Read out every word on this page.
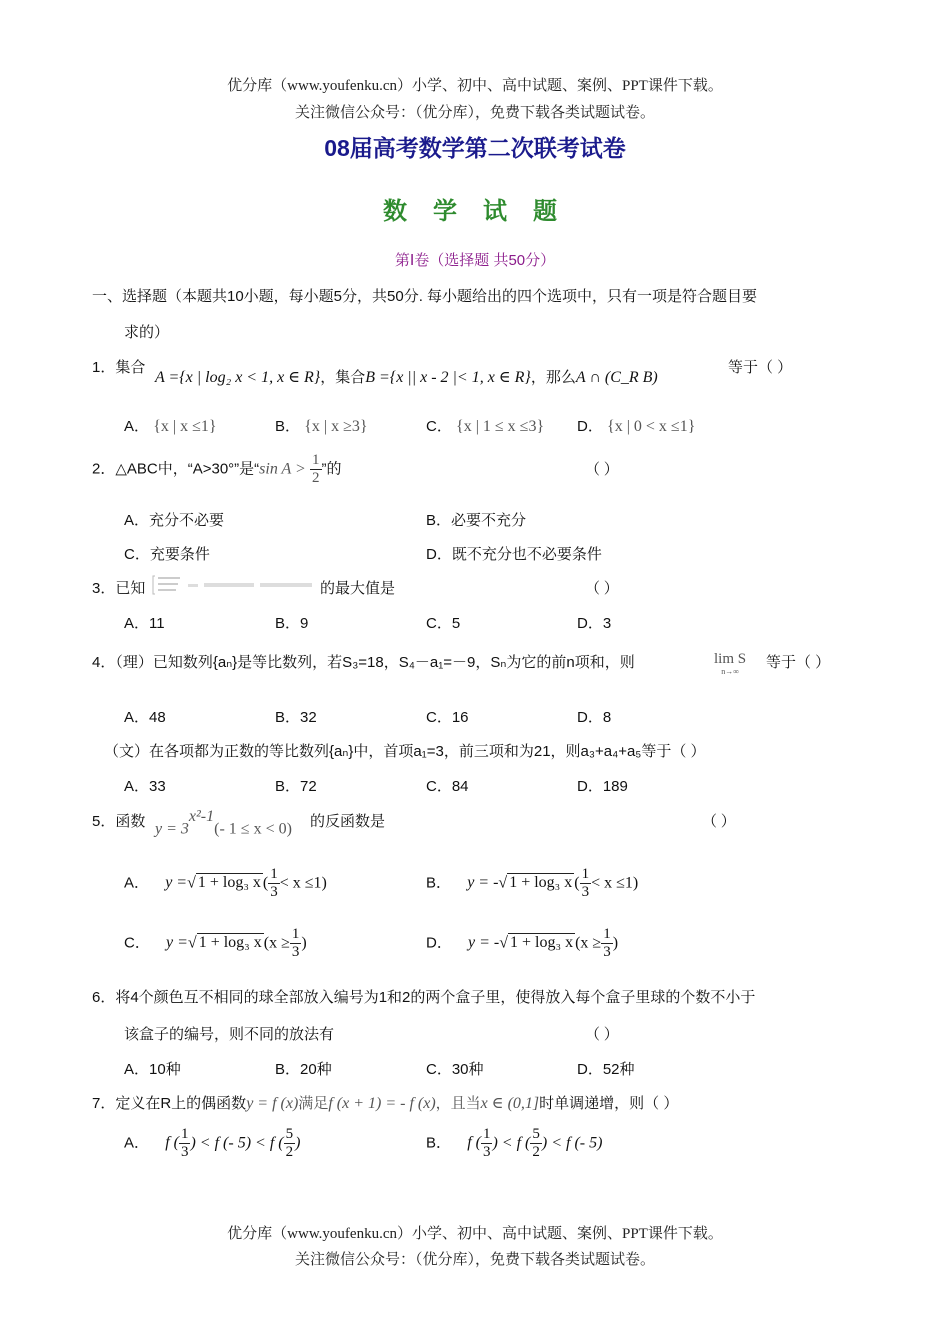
优分库（www.youfenku.cn）小学、初中、高中试题、案例、PPT课件下载。
关注微信公众号：（优分库），免费下载各类试题试卷。
08届高考数学第二次联考试卷
数 学 试 题
第Ⅰ卷（选择题 共50分）
一、选择题（本题共10小题，每小题5分，共50分. 每小题给出的四个选项中，只有一项是符合题目要
求的）
1．集合
A ={x | log₂ x < 1, x ∈ R}，集合B ={x || x - 2 |< 1, x ∈ R}，那么A ∩ (C_R B)
等于（ ）
A． {x | x ≤1}	B． {x | x ≥3}	C． {x | 1 ≤ x ≤3} D． {x | 0 < x ≤1}
2．△ABC中，“A>30°”是“sin $A > \frac{1}{2}$ ”的	（ ）
A．充分不必要	B．必要不充分
C．充要条件	D．既不充分也不必要条件
3．已知	的最大值是	（ ）
A．11	B．9	C．5	D．3
4．（理）已知数列{aₙ}是等比数列，若S₃=18，S₄－a₁=－9，Sₙ为它的前n项和，则	lim S
n→∞
等于（ ）
A．48	B．32	C．16	D．8
（文）在各项都为正数的等比数列{aₙ}中，首项a₁=3，前三项和为21，则a₃+a₄+a₅等于（ ）
A．33	B．72	C．84	D．189
5．函数 $y = 3^{x^2-1}(-$ 1 ≤ x < 0) 的反函数是	（ ）
A． y =√ 1 + log₃ x ( $\frac{1}{3} < x \le 1$)	B． y = -√ 1 + log₃ x ( $\frac{1}{3} < x \le 1$)
C． y =√ 1 + log₃ x ($x \ge \frac{1}{3}$ )	D． y = -√ 1 + log₃ x ($x \ge \frac{1}{3}$ )
6．将4个颜色互不相同的球全部放入编号为1和2的两个盒子里，使得放入每个盒子里球的个数不小于
该盒子的编号，则不同的放法有	（ ）
A．10种	B．20种	C．30种	D．52种
7．定义在R上的偶函数y = f (x)满足f (x + 1) = - f (x)，且当x ∈ (0,1]时单调递增，则（ ）
A． f ( $\frac{1}{3}$ ) < f (- 5) < f ( $\frac{5}{2}$ )	B． f ( $\frac{1}{3}$ ) < f ( $\frac{5}{2}$ ) < f (- 5)
优分库（www.youfenku.cn）小学、初中、高中试题、案例、PPT课件下载。
关注微信公众号：（优分库），免费下载各类试题试卷。
